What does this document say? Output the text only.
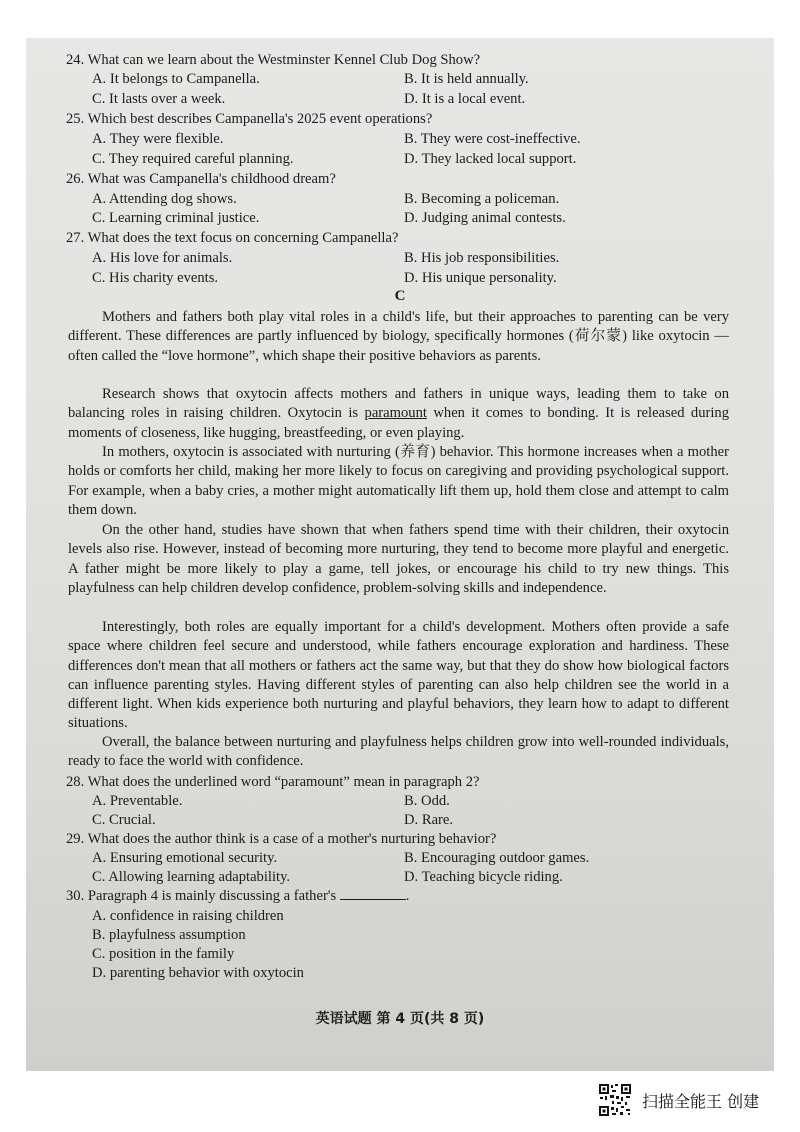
24. What can we learn about the Westminster Kennel Club Dog Show?
A. It belongs to Campanella.	B. It is held annually.
C. It lasts over a week.	D. It is a local event.
25. Which best describes Campanella's 2025 event operations?
A. They were flexible.	B. They were cost-ineffective.
C. They required careful planning.	D. They lacked local support.
26. What was Campanella's childhood dream?
A. Attending dog shows.	B. Becoming a policeman.
C. Learning criminal justice.	D. Judging animal contests.
27. What does the text focus on concerning Campanella?
A. His love for animals.	B. His job responsibilities.
C. His charity events.	D. His unique personality.
C
Mothers and fathers both play vital roles in a child's life, but their approaches to parenting can be very different. These differences are partly influenced by biology, specifically hormones (荷尔蒙) like oxytocin — often called the “love hormone”, which shape their positive behaviors as parents.
Research shows that oxytocin affects mothers and fathers in unique ways, leading them to take on balancing roles in raising children. Oxytocin is paramount when it comes to bonding. It is released during moments of closeness, like hugging, breastfeeding, or even playing.
In mothers, oxytocin is associated with nurturing (养育) behavior. This hormone increases when a mother holds or comforts her child, making her more likely to focus on caregiving and providing psychological support. For example, when a baby cries, a mother might automatically lift them up, hold them close and attempt to calm them down.
On the other hand, studies have shown that when fathers spend time with their children, their oxytocin levels also rise. However, instead of becoming more nurturing, they tend to become more playful and energetic. A father might be more likely to play a game, tell jokes, or encourage his child to try new things. This playfulness can help children develop confidence, problem-solving skills and independence.
Interestingly, both roles are equally important for a child's development. Mothers often provide a safe space where children feel secure and understood, while fathers encourage exploration and hardiness. These differences don't mean that all mothers or fathers act the same way, but that they do show how biological factors can influence parenting styles. Having different styles of parenting can also help children see the world in a different light. When kids experience both nurturing and playful behaviors, they learn how to adapt to different situations.
Overall, the balance between nurturing and playfulness helps children grow into well-rounded individuals, ready to face the world with confidence.
28. What does the underlined word “paramount” mean in paragraph 2?
A. Preventable.	B. Odd.
C. Crucial.	D. Rare.
29. What does the author think is a case of a mother's nurturing behavior?
A. Ensuring emotional security.	B. Encouraging outdoor games.
C. Allowing learning adaptability.	D. Teaching bicycle riding.
30. Paragraph 4 is mainly discussing a father's	.
A. confidence in raising children
B. playfulness assumption
C. position in the family
D. parenting behavior with oxytocin
英语试题 第 4 页(共 8 页)
扫描全能王 创建
